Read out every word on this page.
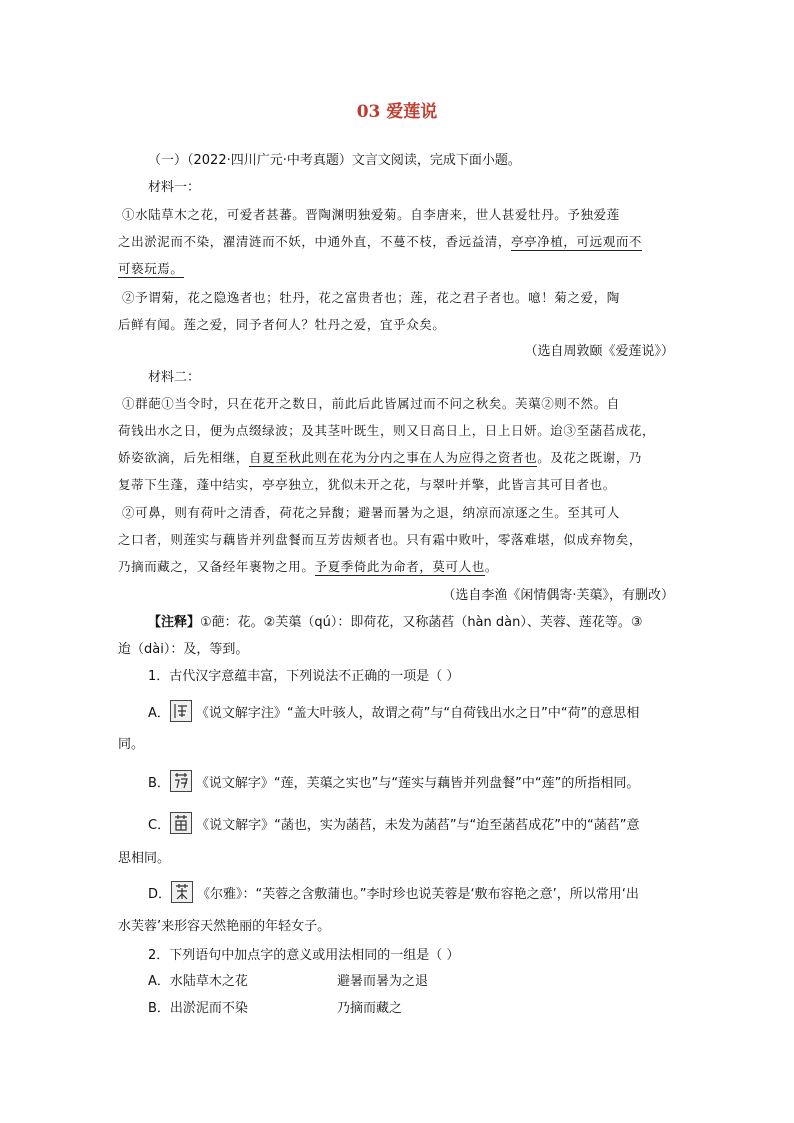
03 爱莲说
（一）（2022·四川广元·中考真题）文言文阅读，完成下面小题。
材料一：
①水陆草木之花，可爱者甚蕃。晋陶渊明独爱菊。自李唐来，世人甚爱牡丹。予独爱莲
之出淤泥而不染，濯清涟而不妖，中通外直，不蔓不枝，香远益清，亭亭净植，可远观而不
可亵玩焉。
②予谓菊，花之隐逸者也；牡丹，花之富贵者也；莲，花之君子者也。噫！菊之爱，陶
后鲜有闻。莲之爱，同予者何人？牡丹之爱，宜乎众矣。
（选自周敦颐《爱莲说》）
材料二：
①群葩①当令时，只在花开之数日，前此后此皆属过而不问之秋矣。芙蕖②则不然。自
荷钱出水之日，便为点缀绿波；及其茎叶既生，则又日高日上，日上日妍。迨③至菡萏成花，
娇姿欲滴，后先相继，自夏至秋此则在花为分内之事在人为应得之资者也。及花之既谢，乃
复蒂下生蓬，蓬中结实，亭亭独立，犹似未开之花，与翠叶并擎，此皆言其可目者也。
②可鼻，则有荷叶之清香，荷花之异馥；避暑而暑为之退，纳凉而凉逐之生。至其可人
之口者，则莲实与藕皆并列盘餐而互芳齿颊者也。只有霜中败叶，零落难堪，似成弃物矣，
乃摘而藏之，又备经年裹物之用。予夏季倚此为命者，莫可人也。
（选自李渔《闲情偶寄·芙蕖》，有删改）
【注释】①葩：花。②芙蕖（qú）：即荷花，又称菡萏（hàn dàn）、芙蓉、莲花等。③
迨（dài）：及，等到。
1．古代汉字意蕴丰富，下列说法不正确的一项是（ ）
A． 《说文解字注》“盖大叶骇人，故谓之荷”与“自荷钱出水之日”中“荷”的意思相
同。
B． 《说文解字》“莲，芙蕖之实也”与“莲实与藕皆并列盘餐”中“莲”的所指相同。
C． 《说文解字》“菡也，实为菡萏，未发为菡萏”与“迨至菡萏成花”中的“菡萏”意
思相同。
D． 《尔雅》：“芙蓉之含敷蒲也。”李时珍也说芙蓉是‘敷布容艳之意’，所以常用‘出
水芙蓉’来形容天然艳丽的年轻女子。
2．下列语句中加点字的意义或用法相同的一组是（ ）
A．水陆草木之花	避暑而暑为之退
B．出淤泥而不染	乃摘而藏之
